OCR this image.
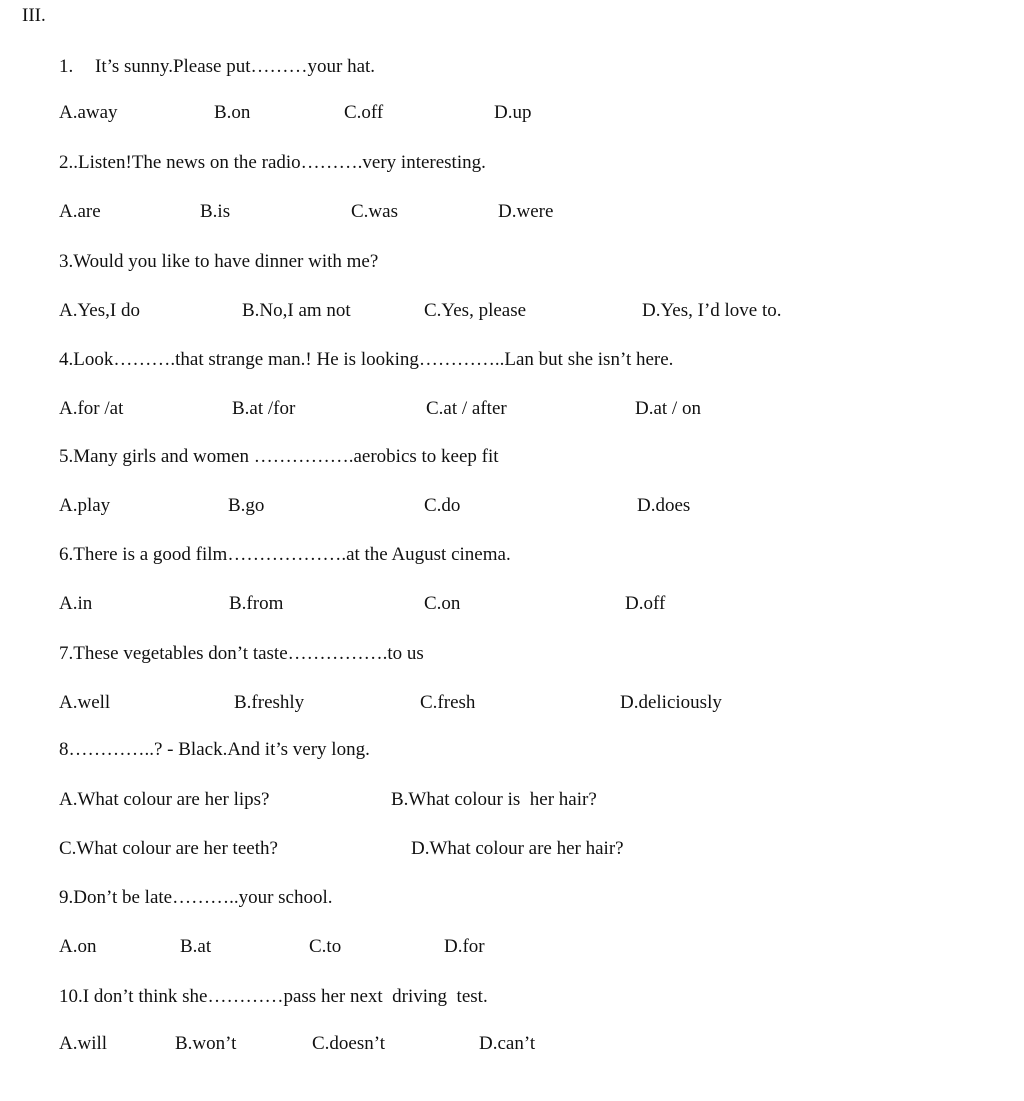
III.
1. It’s sunny.Please put………your hat.
A.away	B.on	C.off	D.up
2..Listen!The news on the radio……….very interesting.
A.are	B.is	C.was	D.were
3.Would you like to have dinner with me?
A.Yes,I do	B.No,I am not	C.Yes, please	D.Yes, I’d love to.
4.Look……….that strange man.! He is looking…………..Lan but she isn’t here.
A.for /at	B.at /for	C.at / after	D.at / on
5.Many girls and women …………….aerobics to keep fit
A.play	B.go	C.do	D.does
6.There is a good film……………….at the August cinema.
A.in	B.from	C.on	D.off
7.These vegetables don’t taste…………….to us
A.well	B.freshly	C.fresh	D.deliciously
8…………..? - Black.And it’s very long.
A.What colour are her lips?	B.What colour is  her hair?
C.What colour are her teeth?	D.What colour are her hair?
9.Don’t be late………..your school.
A.on	B.at	C.to	D.for
10.I don’t think she…………pass her next  driving  test.
A.will	B.won’t	C.doesn’t	D.can’t
